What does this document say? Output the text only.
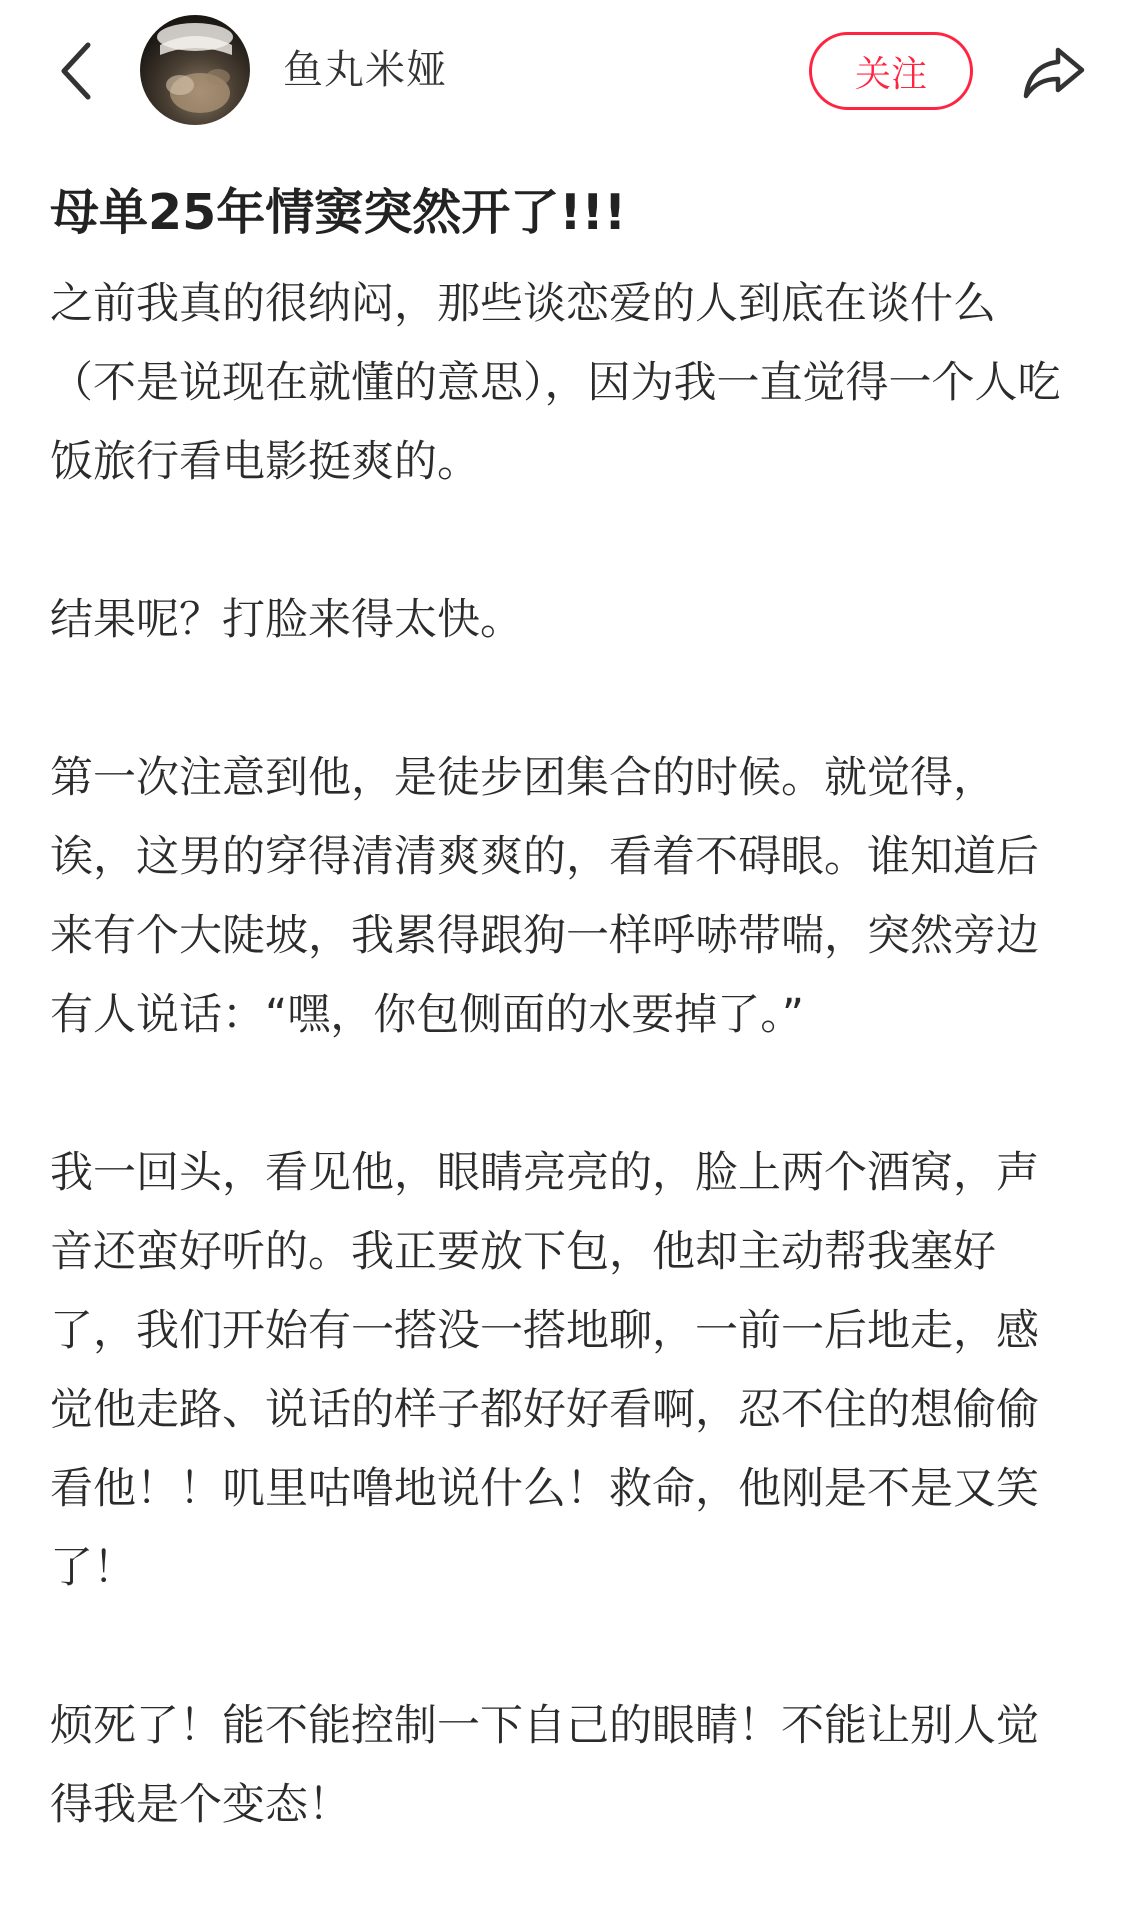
鱼丸米娅	关注
母单25年情窦突然开了!!!

之前我真的很纳闷，那些谈恋爱的人到底在谈什么（不是说现在就懂的意思），因为我一直觉得一个人吃饭旅行看电影挺爽的。

结果呢？打脸来得太快。

第一次注意到他，是徒步团集合的时候。就觉得，诶，这男的穿得清清爽爽的，看着不碍眼。谁知道后来有个大陡坡，我累得跟狗一样呼哧带喘，突然旁边有人说话：“嘿，你包侧面的水要掉了。”

我一回头，看见他，眼睛亮亮的，脸上两个酒窝，声音还蛮好听的。我正要放下包，他却主动帮我塞好了，我们开始有一搭没一搭地聊，一前一后地走，感觉他走路、说话的样子都好好看啊，忍不住的想偷偷看他！！叽里咕噜地说什么！救命，他刚是不是又笑了！

烦死了！能不能控制一下自己的眼睛！不能让别人觉得我是个变态！
